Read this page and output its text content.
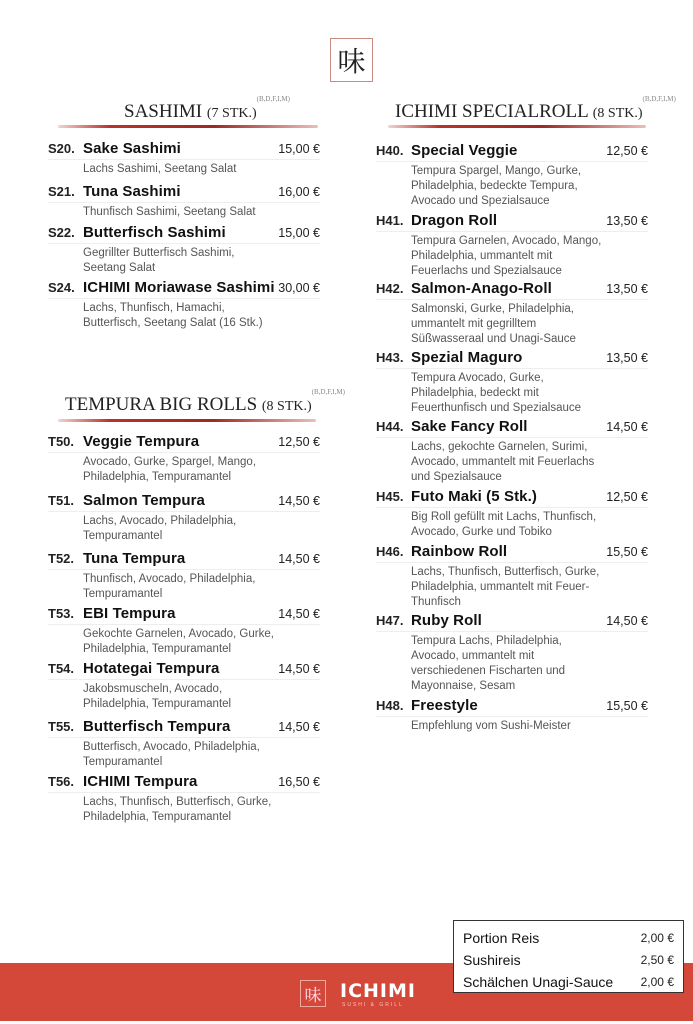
味
SASHIMI (7 STK.)$^{(B,D,F,I,M)}$
TEMPURA BIG ROLLS (8 STK.)$^{(B,D,F,I,M)}$
ICHIMI SPECIALROLL (8 STK.)$^{(B,D,F,I,M)}$
S20. Sake Sashimi	15,00 €
Lachs Sashimi, Seetang Salat
S21. Tuna Sashimi	16,00 €
Thunfisch Sashimi, Seetang Salat
S22. Butterfisch Sashimi	15,00 €
Gegrillter Butterfisch Sashimi,
Seetang Salat
S24. ICHIMI Moriawase Sashimi 30,00 €
Lachs, Thunfisch, Hamachi,
Butterfisch, Seetang Salat (16 Stk.)
T50. Veggie Tempura	12,50 €
Avocado, Gurke, Spargel, Mango,
Philadelphia, Tempuramantel
T51. Salmon Tempura	14,50 €
Lachs, Avocado, Philadelphia,
Tempuramantel
T52. Tuna Tempura	14,50 €
Thunfisch, Avocado, Philadelphia,
Tempuramantel
T53. EBI Tempura	14,50 €
Gekochte Garnelen, Avocado, Gurke,
Philadelphia, Tempuramantel
T54. Hotategai Tempura	14,50 €
Jakobsmuscheln, Avocado,
Philadelphia, Tempuramantel
T55. Butterfisch Tempura	14,50 €
Butterfisch, Avocado, Philadelphia,
Tempuramantel
T56. ICHIMI Tempura	16,50 €
Lachs, Thunfisch, Butterfisch, Gurke,
Philadelphia, Tempuramantel
H40. Special Veggie	12,50 €
Tempura Spargel, Mango, Gurke,
Philadelphia, bedeckte Tempura,
Avocado und Spezialsauce
H41. Dragon Roll	13,50 €
Tempura Garnelen, Avocado, Mango,
Philadelphia, ummantelt mit
Feuerlachs und Spezialsauce
H42. Salmon-Anago-Roll	13,50 €
Salmonski, Gurke, Philadelphia,
ummantelt mit gegrilltem
Süßwasseraal und Unagi-Sauce
H43. Spezial Maguro	13,50 €
Tempura Avocado, Gurke,
Philadelphia, bedeckt mit
Feuerthunfisch und Spezialsauce
H44. Sake Fancy Roll	14,50 €
Lachs, gekochte Garnelen, Surimi,
Avocado, ummantelt mit Feuerlachs
und Spezialsauce
H45. Futo Maki (5 Stk.)	12,50 €
Big Roll gefüllt mit Lachs, Thunfisch,
Avocado, Gurke und Tobiko
H46. Rainbow Roll	15,50 €
Lachs, Thunfisch, Butterfisch, Gurke,
Philadelphia, ummantelt mit Feuer-
Thunfisch
H47. Ruby Roll	14,50 €
Tempura Lachs, Philadelphia,
Avocado, ummantelt mit
verschiedenen Fischarten und
Mayonnaise, Sesam
H48. Freestyle	15,50 €
Empfehlung vom Sushi-Meister
味 ICHIMI
SUSHI & GRILL
Portion Reis	2,00 €
Sushireis	2,50 €
Schälchen Unagi-Sauce 2,00 €
